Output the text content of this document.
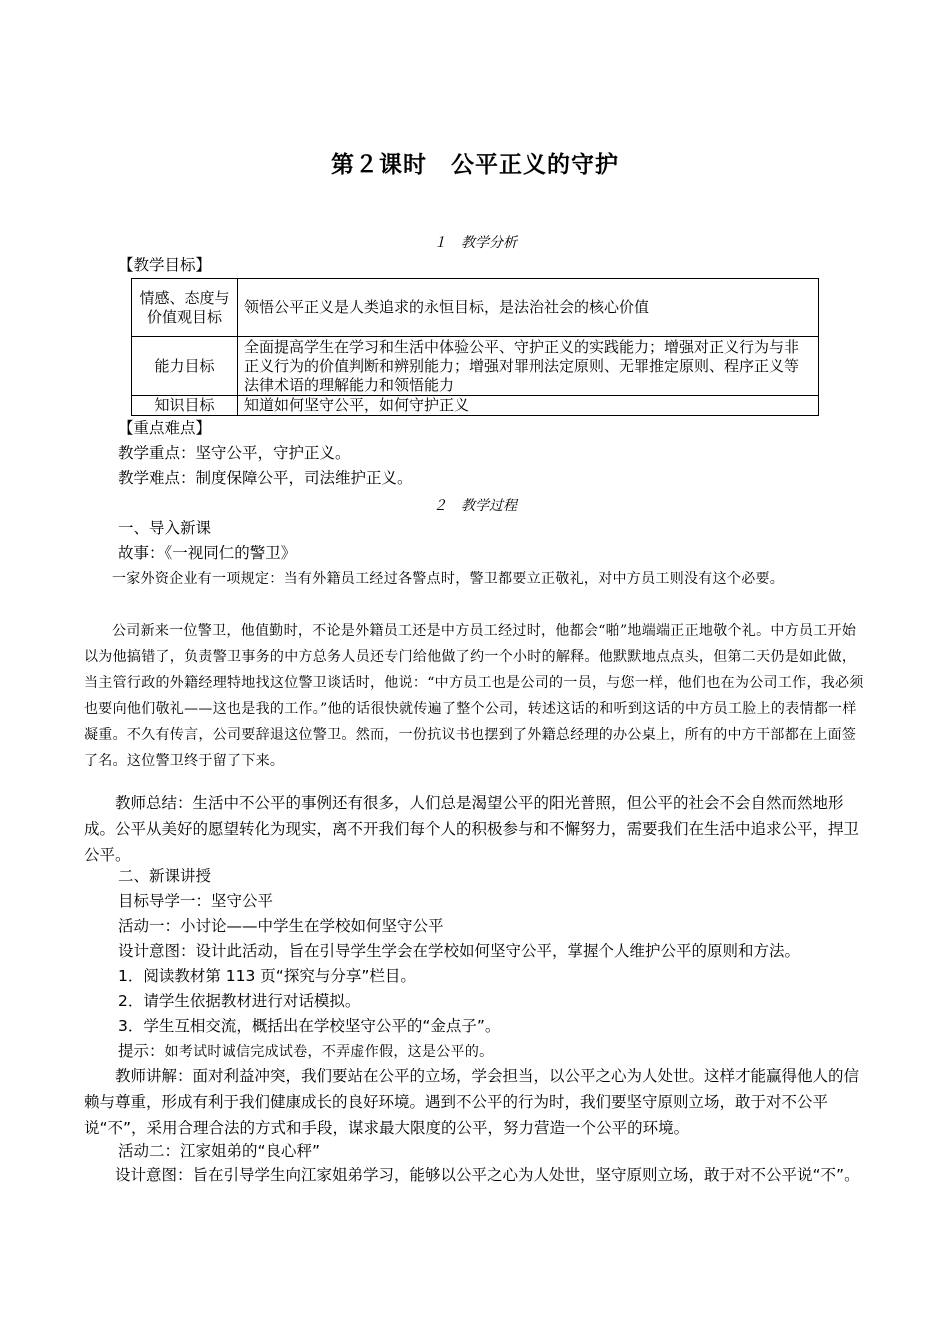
第２课时　公平正义的守护
１　教学分析
【教学目标】
情感、态度与价值观目标	领悟公平正义是人类追求的永恒目标，是法治社会的核心价值
能力目标	全面提高学生在学习和生活中体验公平、守护正义的实践能力；增强对正义行为与非正义行为的价值判断和辨别能力；增强对罪刑法定原则、无罪推定原则、程序正义等法律术语的理解能力和领悟能力
知识目标	知道如何坚守公平，如何守护正义
【重点难点】
教学重点：坚守公平，守护正义。
教学难点：制度保障公平，司法维护正义。
２　教学过程
一、导入新课
故事：《一视同仁的警卫》
一家外资企业有一项规定：当有外籍员工经过各警点时，警卫都要立正敬礼，对中方员工则没有这个必要。
公司新来一位警卫，他值勤时，不论是外籍员工还是中方员工经过时，他都会“啪”地端端正正地敬个礼。中方员工开始以为他搞错了，负责警卫事务的中方总务人员还专门给他做了约一个小时的解释。他默默地点点头，但第二天仍是如此做，当主管行政的外籍经理特地找这位警卫谈话时，他说：“中方员工也是公司的一员，与您一样，他们也在为公司工作，我必须也要向他们敬礼——这也是我的工作。”他的话很快就传遍了整个公司，转述这话的和听到这话的中方员工脸上的表情都一样凝重。不久有传言，公司要辞退这位警卫。然而，一份抗议书也摆到了外籍总经理的办公桌上，所有的中方干部都在上面签了名。这位警卫终于留了下来。
教师总结：生活中不公平的事例还有很多，人们总是渴望公平的阳光普照，但公平的社会不会自然而然地形成。公平从美好的愿望转化为现实，离不开我们每个人的积极参与和不懈努力，需要我们在生活中追求公平，捍卫公平。
二、新课讲授
目标导学一：坚守公平
活动一：小讨论——中学生在学校如何坚守公平
设计意图：设计此活动，旨在引导学生学会在学校如何坚守公平，掌握个人维护公平的原则和方法。
1．阅读教材第 113 页“探究与分享”栏目。
2．请学生依据教材进行对话模拟。
3．学生互相交流，概括出在学校坚守公平的“金点子”。
提示：如考试时诚信完成试卷，不弄虚作假，这是公平的。
教师讲解：面对利益冲突，我们要站在公平的立场，学会担当，以公平之心为人处世。这样才能赢得他人的信赖与尊重，形成有利于我们健康成长的良好环境。遇到不公平的行为时，我们要坚守原则立场，敢于对不公平说“不”，采用合理合法的方式和手段，谋求最大限度的公平，努力营造一个公平的环境。
活动二：江家姐弟的“良心秤”
设计意图：旨在引导学生向江家姐弟学习，能够以公平之心为人处世，坚守原则立场，敢于对不公平说“不”。
